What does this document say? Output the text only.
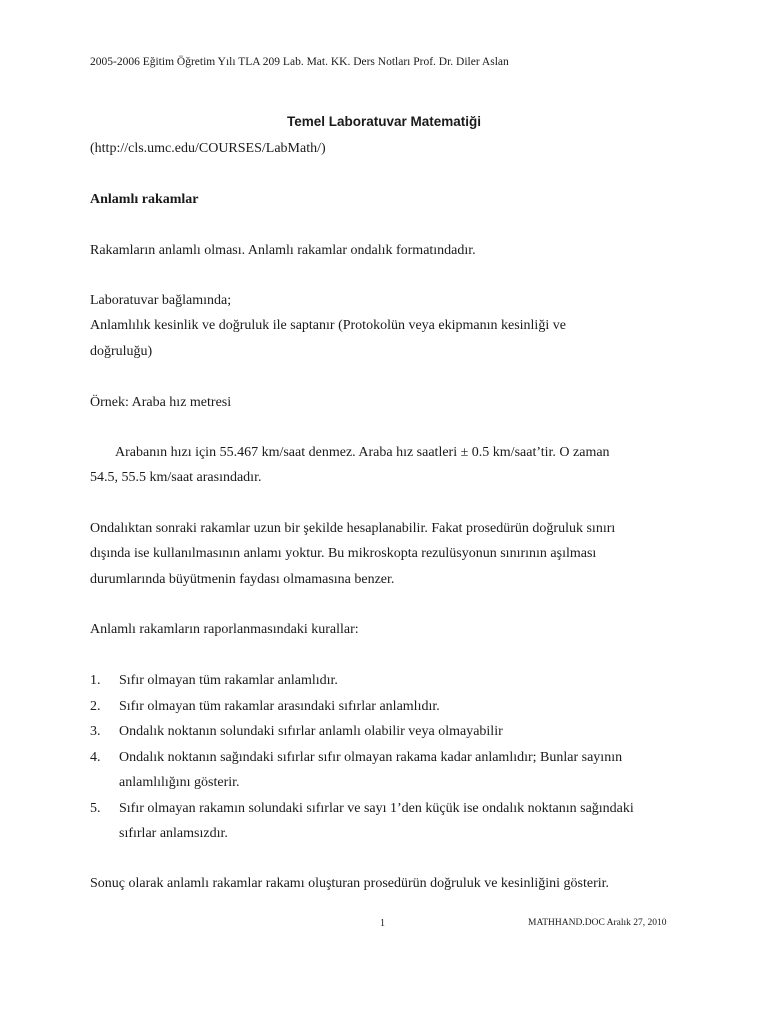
2005-2006 Eğitim Öğretim Yılı TLA 209 Lab. Mat. KK. Ders Notları Prof. Dr. Diler Aslan
Temel Laboratuvar Matematiği
(http://cls.umc.edu/COURSES/LabMath/)
Anlamlı rakamlar
Rakamların anlamlı olması. Anlamlı rakamlar ondalık formatındadır.
Laboratuvar bağlamında;
Anlamlılık kesinlik ve doğruluk ile saptanır (Protokolün veya ekipmanın kesinliği ve
doğruluğu)
Örnek: Araba hız metresi
Arabanın hızı için 55.467 km/saat denmez. Araba hız saatleri ± 0.5 km/saat’tir. O zaman
54.5, 55.5 km/saat arasındadır.
Ondalıktan sonraki rakamlar uzun bir şekilde hesaplanabilir. Fakat prosedürün doğruluk sınırı
dışında ise kullanılmasının anlamı yoktur. Bu mikroskopta rezulüsyonun sınırının aşılması
durumlarında büyütmenin faydası olmamasına benzer.
Anlamlı rakamların raporlanmasındaki kurallar:
1. Sıfır olmayan tüm rakamlar anlamlıdır.
2. Sıfır olmayan tüm rakamlar arasındaki sıfırlar anlamlıdır.
3. Ondalık noktanın solundaki sıfırlar anlamlı olabilir veya olmayabilir
4. Ondalık noktanın sağındaki sıfırlar sıfır olmayan rakama kadar anlamlıdır; Bunlar sayının
anlamlılığını gösterir.
5. Sıfır olmayan rakamın solundaki sıfırlar ve sayı 1’den küçük ise ondalık noktanın sağındaki
sıfırlar anlamsızdır.
Sonuç olarak anlamlı rakamlar rakamı oluşturan prosedürün doğruluk ve kesinliğini gösterir.
1	MATHHAND.DOC Aralık 27, 2010
